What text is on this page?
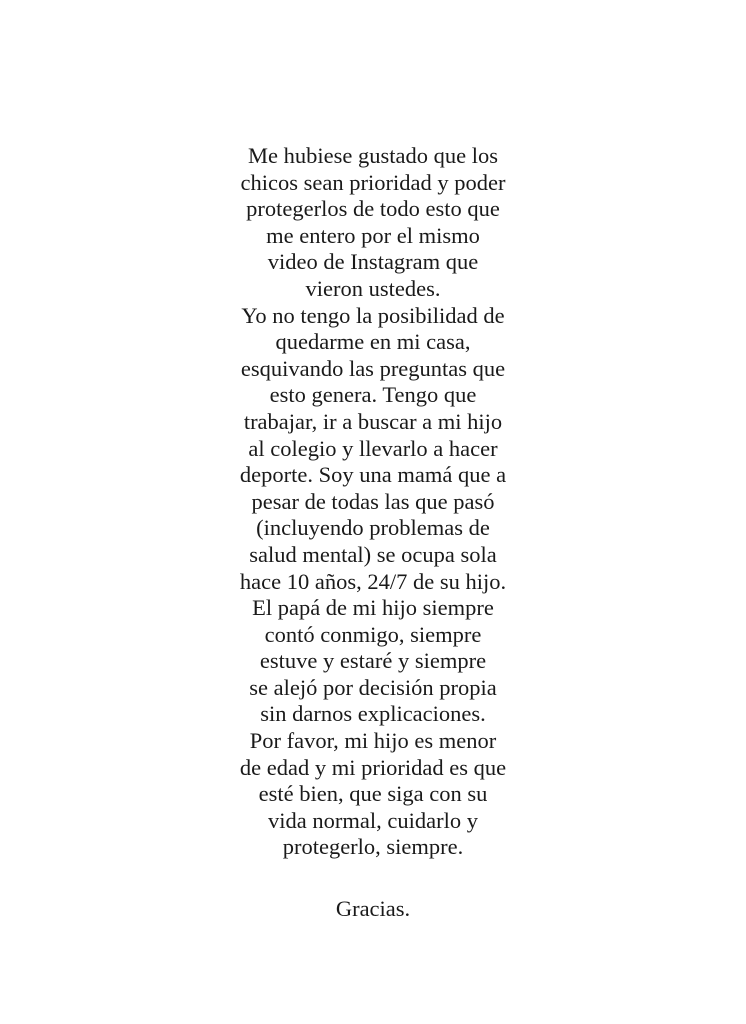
Me hubiese gustado que los
chicos sean prioridad y poder
protegerlos de todo esto que
me entero por el mismo
video de Instagram que
vieron ustedes.
Yo no tengo la posibilidad de
quedarme en mi casa,
esquivando las preguntas que
esto genera. Tengo que
trabajar, ir a buscar a mi hijo
al colegio y llevarlo a hacer
deporte. Soy una mamá que a
pesar de todas las que pasó
(incluyendo problemas de
salud mental) se ocupa sola
hace 10 años, 24/7 de su hijo.
El papá de mi hijo siempre
contó conmigo, siempre
estuve y estaré y siempre
se alejó por decisión propia
sin darnos explicaciones.
Por favor, mi hijo es menor
de edad y mi prioridad es que
esté bien, que siga con su
vida normal, cuidarlo y
protegerlo, siempre.
Gracias.
